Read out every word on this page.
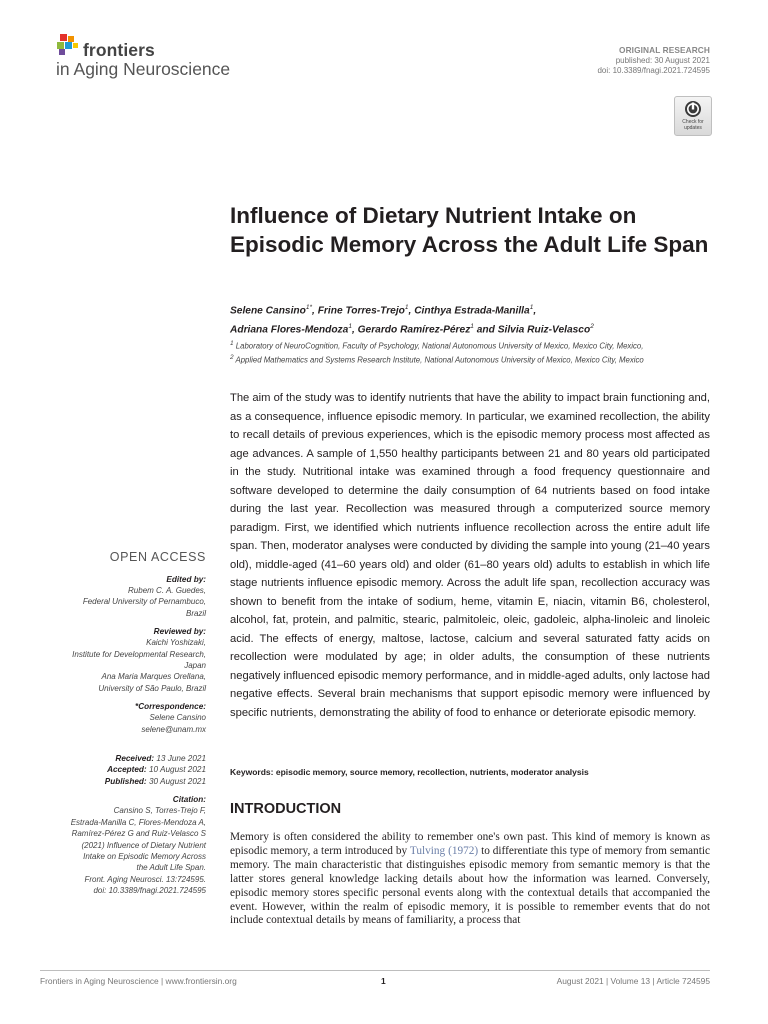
frontiers
in Aging Neuroscience
ORIGINAL RESEARCH
published: 30 August 2021
doi: 10.3389/fnagi.2021.724595
Check for updates
Influence of Dietary Nutrient Intake on Episodic Memory Across the Adult Life Span
Selene Cansino$^{1*}$, Frine Torres-Trejo$^1$, Cinthya Estrada-Manilla$^1$,
Adriana Flores-Mendoza$^1$, Gerardo Ramírez-Pérez$^1$ and Silvia Ruiz-Velasco$^2$
$^1$ Laboratory of NeuroCognition, Faculty of Psychology, National Autonomous University of Mexico, Mexico City, Mexico,
$^2$ Applied Mathematics and Systems Research Institute, National Autonomous University of Mexico, Mexico City, Mexico
The aim of the study was to identify nutrients that have the ability to impact brain functioning and, as a consequence, influence episodic memory. In particular, we examined recollection, the ability to recall details of previous experiences, which is the episodic memory process most affected as age advances. A sample of 1,550 healthy participants between 21 and 80 years old participated in the study. Nutritional intake was examined through a food frequency questionnaire and software developed to determine the daily consumption of 64 nutrients based on food intake during the last year. Recollection was measured through a computerized source memory paradigm. First, we identified which nutrients influence recollection across the entire adult life span. Then, moderator analyses were conducted by dividing the sample into young (21–40 years old), middle-aged (41–60 years old) and older (61–80 years old) adults to establish in which life stage nutrients influence episodic memory. Across the adult life span, recollection accuracy was shown to benefit from the intake of sodium, heme, vitamin E, niacin, vitamin B6, cholesterol, alcohol, fat, protein, and palmitic, stearic, palmitoleic, oleic, gadoleic, alpha-linoleic and linoleic acid. The effects of energy, maltose, lactose, calcium and several saturated fatty acids on recollection were modulated by age; in older adults, the consumption of these nutrients negatively influenced episodic memory performance, and in middle-aged adults, only lactose had negative effects. Several brain mechanisms that support episodic memory were influenced by specific nutrients, demonstrating the ability of food to enhance or deteriorate episodic memory.
Keywords: episodic memory, source memory, recollection, nutrients, moderator analysis
INTRODUCTION
Memory is often considered the ability to remember one's own past. This kind of memory is known as episodic memory, a term introduced by Tulving (1972) to differentiate this type of memory from semantic memory. The main characteristic that distinguishes episodic memory from semantic memory is that the latter stores general knowledge lacking details about how the information was learned. Conversely, episodic memory stores specific personal events along with the contextual details that accompanied the event. However, within the realm of episodic memory, it is possible to remember events that do not include contextual details by means of familiarity, a process that
OPEN ACCESS
Edited by:
Rubem C. A. Guedes,
Federal University of Pernambuco,
Brazil
Reviewed by:
Kaichi Yoshizaki,
Institute for Developmental Research,
Japan
Ana Maria Marques Orellana,
University of São Paulo, Brazil
*Correspondence:
Selene Cansino
selene@unam.mx
Received: 13 June 2021
Accepted: 10 August 2021
Published: 30 August 2021
Citation:
Cansino S, Torres-Trejo F,
Estrada-Manilla C, Flores-Mendoza A,
Ramírez-Pérez G and Ruiz-Velasco S
(2021) Influence of Dietary Nutrient
Intake on Episodic Memory Across
the Adult Life Span.
Front. Aging Neurosci. 13:724595.
doi: 10.3389/fnagi.2021.724595
Frontiers in Aging Neuroscience | www.frontiersin.org	1	August 2021 | Volume 13 | Article 724595
